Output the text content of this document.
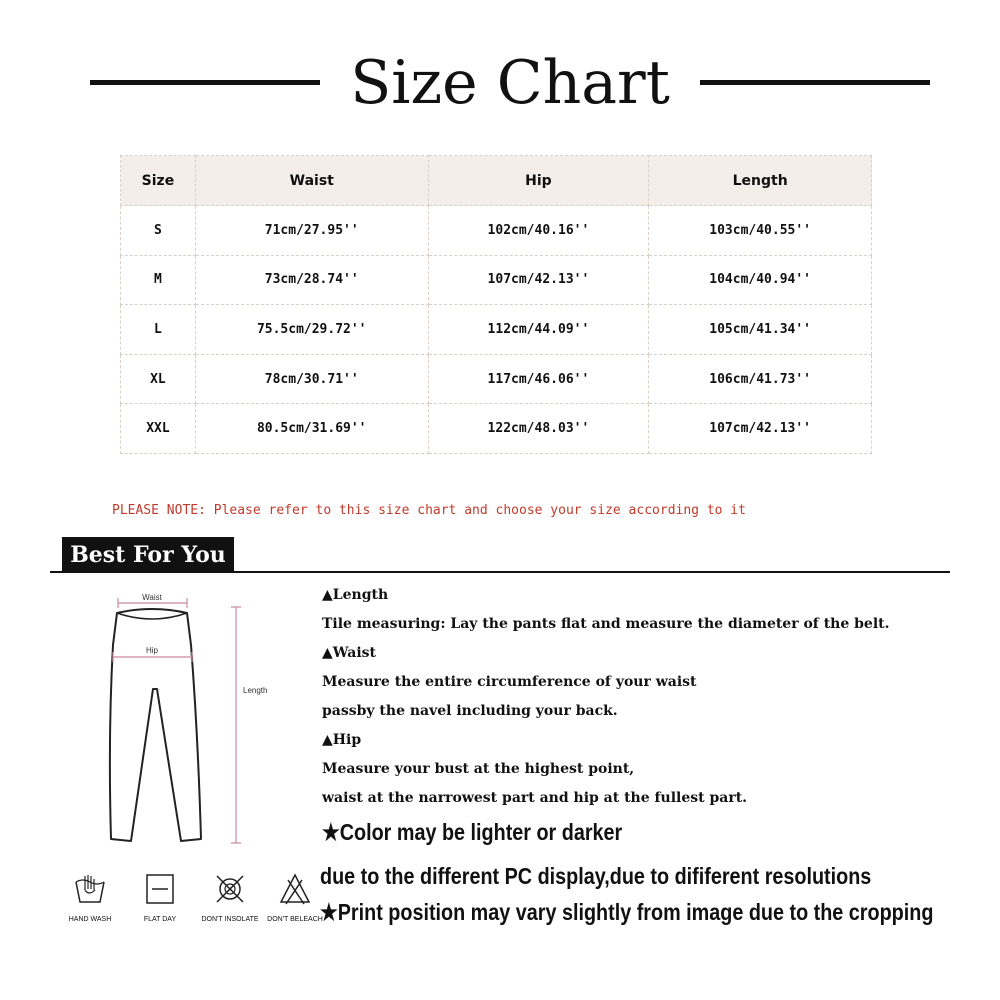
Size Chart
Size	Waist	Hip	Length
S	71cm/27.95''	102cm/40.16''	103cm/40.55''
M	73cm/28.74''	107cm/42.13''	104cm/40.94''
L	75.5cm/29.72''	112cm/44.09''	105cm/41.34''
XL	78cm/30.71''	117cm/46.06''	106cm/41.73''
XXL	80.5cm/31.69''	122cm/48.03''	107cm/42.13''
PLEASE NOTE: Please refer to this size chart and choose your size according to it
Best For You
Waist
Hip
Length
HAND WASH	FLAT DAY	DON'T INSOLATE	DON'T BELEACH
▲Length
Tile measuring: Lay the pants flat and measure the diameter of the belt.
▲Waist
Measure the entire circumference of your waist
passby the navel including your back.
▲Hip
Measure your bust at the highest point,
waist at the narrowest part and hip at the fullest part.
★Color may be lighter or darker
due to the different PC display,due to dififerent resolutions
★Print position may vary slightly from image due to the cropping
